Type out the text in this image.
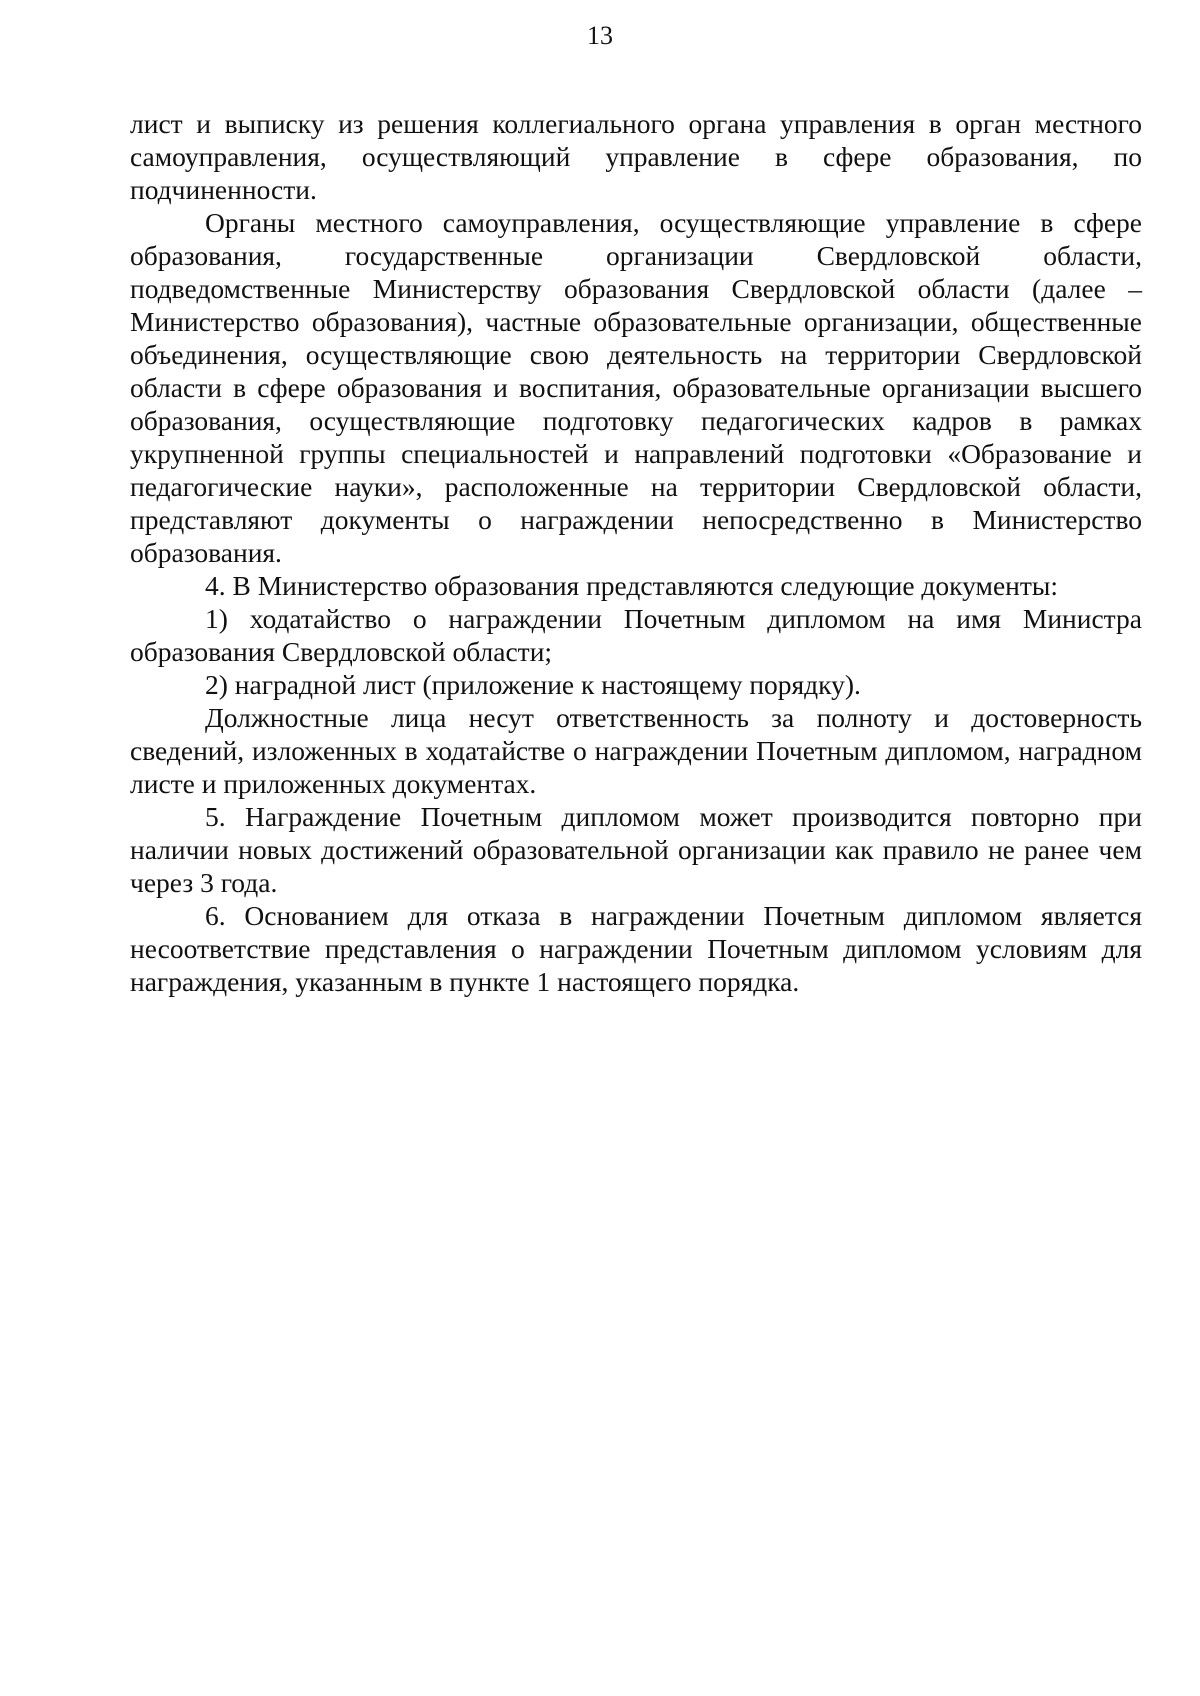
13

лист и выписку из решения коллегиального органа управления в орган местного самоуправления, осуществляющий управление в сфере образования, по подчиненности.

Органы местного самоуправления, осуществляющие управление в сфере образования, государственные организации Свердловской области, подведомственные Министерству образования Свердловской области (далее – Министерство образования), частные образовательные организации, общественные объединения, осуществляющие свою деятельность на территории Свердловской области в сфере образования и воспитания, образовательные организации высшего образования, осуществляющие подготовку педагогических кадров в рамках укрупненной группы специальностей и направлений подготовки «Образование и педагогические науки», расположенные на территории Свердловской области, представляют документы о награждении непосредственно в Министерство образования.

4. В Министерство образования представляются следующие документы:

1) ходатайство о награждении Почетным дипломом на имя Министра образования Свердловской области;

2) наградной лист (приложение к настоящему порядку).

Должностные лица несут ответственность за полноту и достоверность сведений, изложенных в ходатайстве о награждении Почетным дипломом, наградном листе и приложенных документах.

5. Награждение Почетным дипломом может производится повторно при наличии новых достижений образовательной организации как правило не ранее чем через 3 года.

6. Основанием для отказа в награждении Почетным дипломом является несоответствие представления о награждении Почетным дипломом условиям для награждения, указанным в пункте 1 настоящего порядка.
